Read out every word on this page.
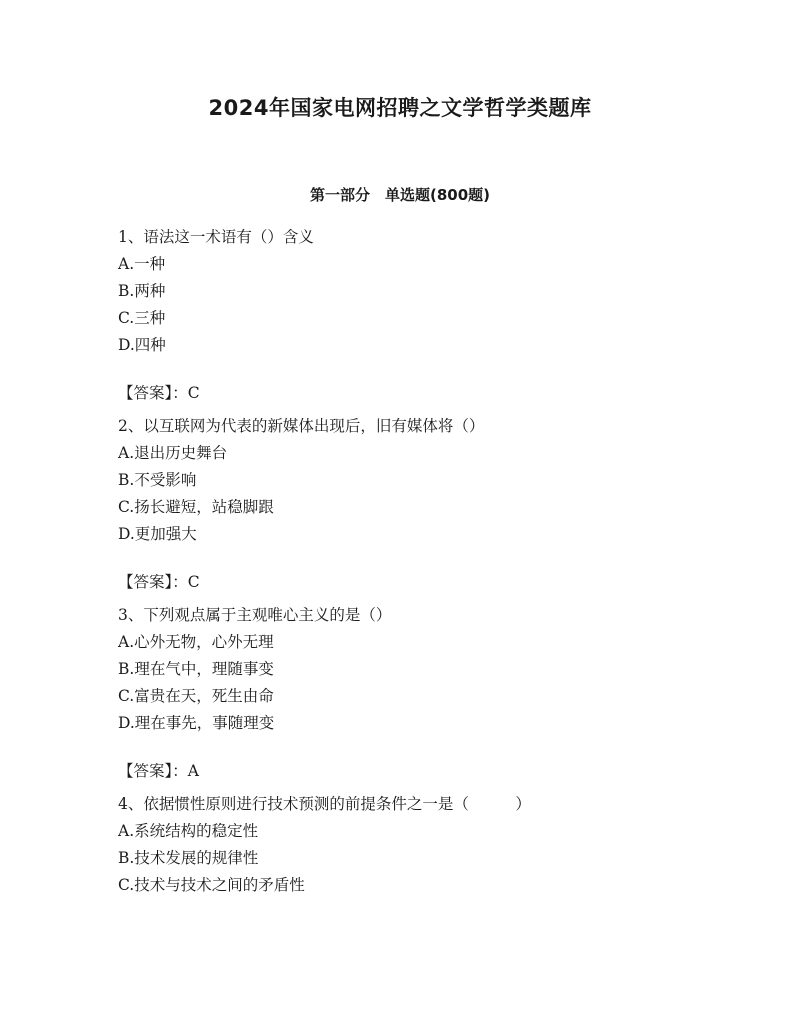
2024年国家电网招聘之文学哲学类题库
第一部分　单选题(800题)
1、语法这一术语有（）含义
A.一种
B.两种
C.三种
D.四种
【答案】：C
2、以互联网为代表的新媒体出现后，旧有媒体将（）
A.退出历史舞台
B.不受影响
C.扬长避短，站稳脚跟
D.更加强大
【答案】：C
3、下列观点属于主观唯心主义的是（）
A.心外无物，心外无理
B.理在气中，理随事变
C.富贵在天，死生由命
D.理在事先，事随理变
【答案】：A
4、依据惯性原则进行技术预测的前提条件之一是（　　　）
A.系统结构的稳定性
B.技术发展的规律性
C.技术与技术之间的矛盾性
